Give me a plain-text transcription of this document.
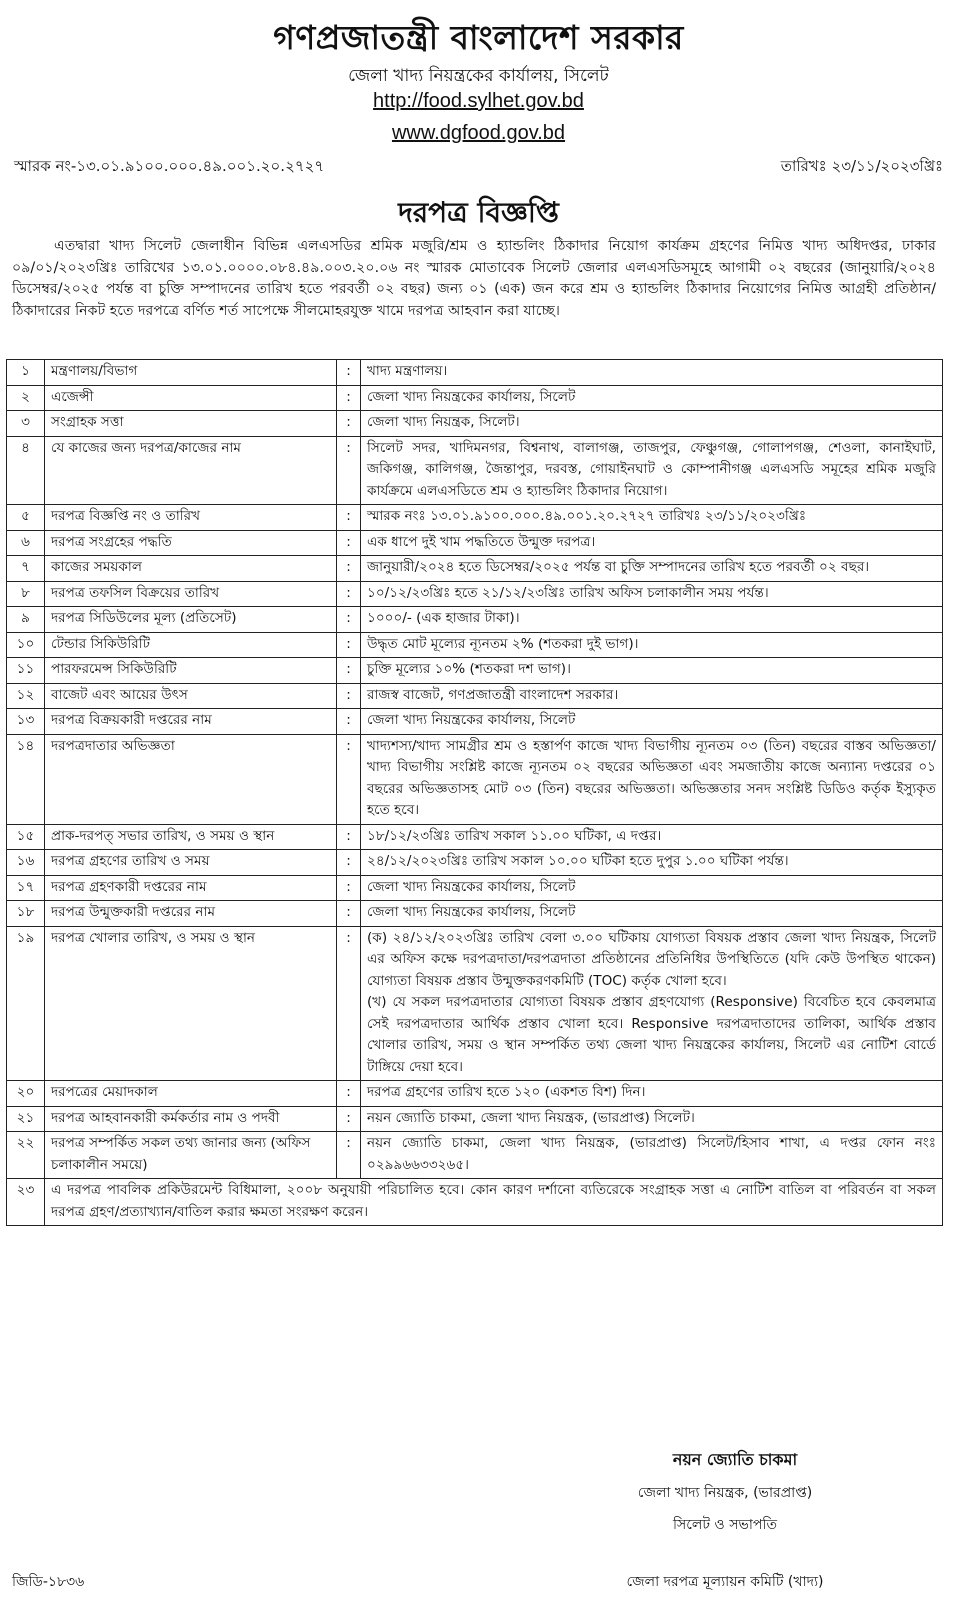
গণপ্রজাতন্ত্রী বাংলাদেশ সরকার
জেলা খাদ্য নিয়ন্ত্রকের কার্যালয়, সিলেট
http://food.sylhet.gov.bd
www.dgfood.gov.bd
স্মারক নং-১৩.০১.৯১০০.০০০.৪৯.০০১.২০.২৭২৭	তারিখঃ ২৩/১১/২০২৩খ্রিঃ
দরপত্র বিজ্ঞপ্তি
এতদ্বারা খাদ্য সিলেট জেলাধীন বিভিন্ন এলএসডির শ্রমিক মজুরি/শ্রম ও হ্যান্ডলিং ঠিকাদার নিয়োগ কার্যক্রম গ্রহণের নিমিত্ত খাদ্য অধিদপ্তর, ঢাকার ০৯/০১/২০২৩খ্রিঃ তারিখের ১৩.০১.০০০০.০৮৪.৪৯.০০৩.২০.০৬ নং স্মারক মোতাবেক সিলেট জেলার এলএসডিসমূহে আগামী ০২ বছরের (জানুয়ারি/২০২৪ ডিসেম্বর/২০২৫ পর্যন্ত বা চুক্তি সম্পাদনের তারিখ হতে পরবর্তী ০২ বছর) জন্য ০১ (এক) জন করে শ্রম ও হ্যান্ডলিং ঠিকাদার নিয়োগের নিমিত্ত আগ্রহী প্রতিষ্ঠান/ঠিকাদারের নিকট হতে দরপত্রে বর্ণিত শর্ত সাপেক্ষে সীলমোহরযুক্ত খামে দরপত্র আহবান করা যাচ্ছে।
১	মন্ত্রণালয়/বিভাগ	:	খাদ্য মন্ত্রণালয়।
২	এজেন্সী	:	জেলা খাদ্য নিয়ন্ত্রকের কার্যালয়, সিলেট
৩	সংগ্রাহক সত্তা	:	জেলা খাদ্য নিয়ন্ত্রক, সিলেট।
৪	যে কাজের জন্য দরপত্র/কাজের নাম	:	সিলেট সদর, খাদিমনগর, বিশ্বনাথ, বালাগঞ্জ, তাজপুর, ফেঞ্চুগঞ্জ, গোলাপগঞ্জ, শেওলা, কানাইঘাট, জকিগঞ্জ, কালিগঞ্জ, জৈন্তাপুর, দরবস্ত, গোয়াইনঘাট ও কোম্পানীগঞ্জ এলএসডি সমূহের শ্রমিক মজুরি কার্যক্রমে এলএসডিতে শ্রম ও হ্যান্ডলিং ঠিকাদার নিয়োগ।
৫	দরপত্র বিজ্ঞপ্তি নং ও তারিখ	:	স্মারক নংঃ ১৩.০১.৯১০০.০০০.৪৯.০০১.২০.২৭২৭ তারিখঃ ২৩/১১/২০২৩খ্রিঃ
৬	দরপত্র সংগ্রহের পদ্ধতি	:	এক ধাপে দুই খাম পদ্ধতিতে উন্মুক্ত দরপত্র।
৭	কাজের সময়কাল	:	জানুয়ারী/২০২৪ হতে ডিসেম্বর/২০২৫ পর্যন্ত বা চুক্তি সম্পাদনের তারিখ হতে পরবর্তী ০২ বছর।
৮	দরপত্র তফসিল বিক্রয়ের তারিখ	:	১০/১২/২৩খ্রিঃ হতে ২১/১২/২৩খ্রিঃ তারিখ অফিস চলাকালীন সময় পর্যন্ত।
৯	দরপত্র সিডিউলের মূল্য (প্রতিসেট)	:	১০০০/- (এক হাজার টাকা)।
১০	টেন্ডার সিকিউরিটি	:	উদ্ধৃত মোট মূল্যের ন্যূনতম ২% (শতকরা দুই ভাগ)।
১১	পারফরমেন্স সিকিউরিটি	:	চুক্তি মূল্যের ১০% (শতকরা দশ ভাগ)।
১২	বাজেট এবং আয়ের উৎস	:	রাজস্ব বাজেট, গণপ্রজাতন্ত্রী বাংলাদেশ সরকার।
১৩	দরপত্র বিক্রয়কারী দপ্তরের নাম	:	জেলা খাদ্য নিয়ন্ত্রকের কার্যালয়, সিলেট
১৪	দরপত্রদাতার অভিজ্ঞতা	:	খাদ্যশস্য/খাদ্য সামগ্রীর শ্রম ও হস্তার্পণ কাজে খাদ্য বিভাগীয় ন্যূনতম ০৩ (তিন) বছরের বাস্তব অভিজ্ঞতা/খাদ্য বিভাগীয় সংশ্লিষ্ট কাজে ন্যূনতম ০২ বছরের অভিজ্ঞতা এবং সমজাতীয় কাজে অন্যান্য দপ্তরের ০১ বছরের অভিজ্ঞতাসহ মোট ০৩ (তিন) বছরের অভিজ্ঞতা। অভিজ্ঞতার সনদ সংশ্লিষ্ট ডিডিও কর্তৃক ইস্যুকৃত হতে হবে।
১৫	প্রাক-দরপত্ সভার তারিখ, ও সময় ও স্থান	:	১৮/১২/২৩খ্রিঃ তারিখ সকাল ১১.০০ ঘটিকা, এ দপ্তর।
১৬	দরপত্র গ্রহণের তারিখ ও সময়	:	২৪/১২/২০২৩খ্রিঃ তারিখ সকাল ১০.০০ ঘটিকা হতে দুপুর ১.০০ ঘটিকা পর্যন্ত।
১৭	দরপত্র গ্রহণকারী দপ্তরের নাম	:	জেলা খাদ্য নিয়ন্ত্রকের কার্যালয়, সিলেট
১৮	দরপত্র উন্মুক্তকারী দপ্তরের নাম	:	জেলা খাদ্য নিয়ন্ত্রকের কার্যালয়, সিলেট
১৯	দরপত্র খোলার তারিখ, ও সময় ও স্থান	:	(ক) ২৪/১২/২০২৩খ্রিঃ তারিখ বেলা ৩.০০ ঘটিকায় যোগ্যতা বিষয়ক প্রস্তাব জেলা খাদ্য নিয়ন্ত্রক, সিলেট এর অফিস কক্ষে দরপত্রদাতা/দরপত্রদাতা প্রতিষ্ঠানের প্রতিনিধির উপস্থিতিতে (যদি কেউ উপস্থিত থাকেন) যোগ্যতা বিষয়ক প্রস্তাব উন্মুক্তকরণকমিটি (TOC) কর্তৃক খোলা হবে।
(খ) যে সকল দরপত্রদাতার যোগ্যতা বিষয়ক প্রস্তাব গ্রহণযোগ্য (Responsive) বিবেচিত হবে কেবলমাত্র সেই দরপত্রদাতার আর্থিক প্রস্তাব খোলা হবে। Responsive দরপত্রদাতাদের তালিকা, আর্থিক প্রস্তাব খোলার তারিখ, সময় ও স্থান সম্পর্কিত তথ্য জেলা খাদ্য নিয়ন্ত্রকের কার্যালয়, সিলেট এর নোটিশ বোর্ডে টাঙ্গিয়ে দেয়া হবে।

২০	দরপত্রের মেয়াদকাল	:	দরপত্র গ্রহণের তারিখ হতে ১২০ (একশত বিশ) দিন।
২১	দরপত্র আহবানকারী কর্মকর্তার নাম ও পদবী	:	নয়ন জ্যোতি চাকমা, জেলা খাদ্য নিয়ন্ত্রক, (ভারপ্রাপ্ত) সিলেট।
২২	দরপত্র সম্পর্কিত সকল তথ্য জানার জন্য (অফিস চলাকালীন সময়ে)	:	নয়ন জ্যোতি চাকমা, জেলা খাদ্য নিয়ন্ত্রক, (ভারপ্রাপ্ত) সিলেট/হিসাব শাখা, এ দপ্তর ফোন নংঃ ০২৯৯৬৬৩৩২৬৫।
২৩	এ দরপত্র পাবলিক প্রকিউরমেন্ট বিধিমালা, ২০০৮ অনুযায়ী পরিচালিত হবে। কোন কারণ দর্শানো ব্যতিরেকে সংগ্রাহক সত্তা এ নোটিশ বাতিল বা পরিবর্তন বা সকল দরপত্র গ্রহণ/প্রত্যাখ্যান/বাতিল করার ক্ষমতা সংরক্ষণ করেন।		
নয়ন জ্যোতি চাকমা
জেলা খাদ্য নিয়ন্ত্রক, (ভারপ্রাপ্ত)
সিলেট ও সভাপতি
জেলা দরপত্র মূল্যায়ন কমিটি (খাদ্য)
জিডি-১৮৩৬
